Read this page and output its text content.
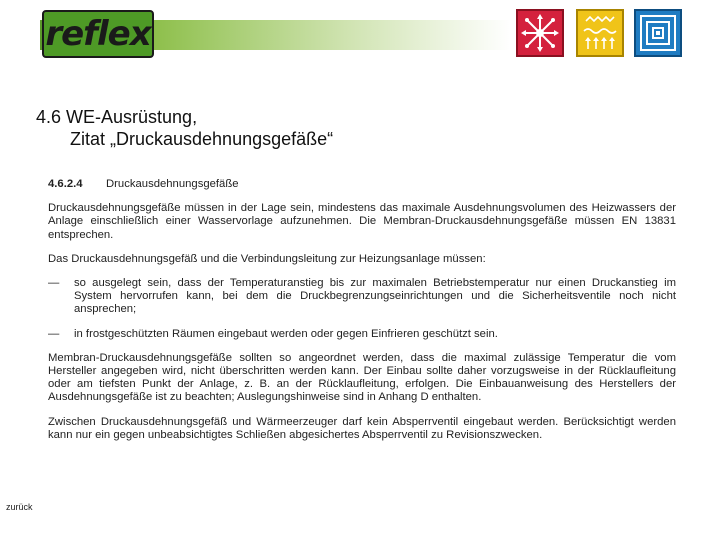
reflex
4.6 WE-Ausrüstung,
Zitat „Druckausdehnungsgefäße“
4.6.2.4	Druckausdehnungsgefäße

Druckausdehnungsgefäße müssen in der Lage sein, mindestens das maximale Ausdehnungsvolumen des Heizwassers der Anlage einschließlich einer Wasservorlage aufzunehmen. Die Membran-Druckausdehnungsgefäße müssen EN 13831 entsprechen.

Das Druckausdehnungsgefäß und die Verbindungsleitung zur Heizungsanlage müssen:

—	so ausgelegt sein, dass der Temperaturanstieg bis zur maximalen Betriebstemperatur nur einen Druckanstieg im System hervorrufen kann, bei dem die Druckbegrenzungseinrichtungen und die Sicherheitsventile noch nicht ansprechen;
—	in frostgeschützten Räumen eingebaut werden oder gegen Einfrieren geschützt sein.

Membran-Druckausdehnungsgefäße sollten so angeordnet werden, dass die maximal zulässige Temperatur die vom Hersteller angegeben wird, nicht überschritten werden kann. Der Einbau sollte daher vorzugsweise in der Rücklaufleitung oder am tiefsten Punkt der Anlage, z. B. an der Rücklaufleitung, erfolgen. Die Einbauanweisung des Herstellers der Ausdehnungsgefäße ist zu beachten; Auslegungshinweise sind in Anhang D enthalten.

Zwischen Druckausdehnungsgefäß und Wärmeerzeuger darf kein Absperrventil eingebaut werden. Berücksichtigt werden kann nur ein gegen unbeabsichtigtes Schließen abgesichertes Absperrventil zu Revisionszwecken.

zurück
